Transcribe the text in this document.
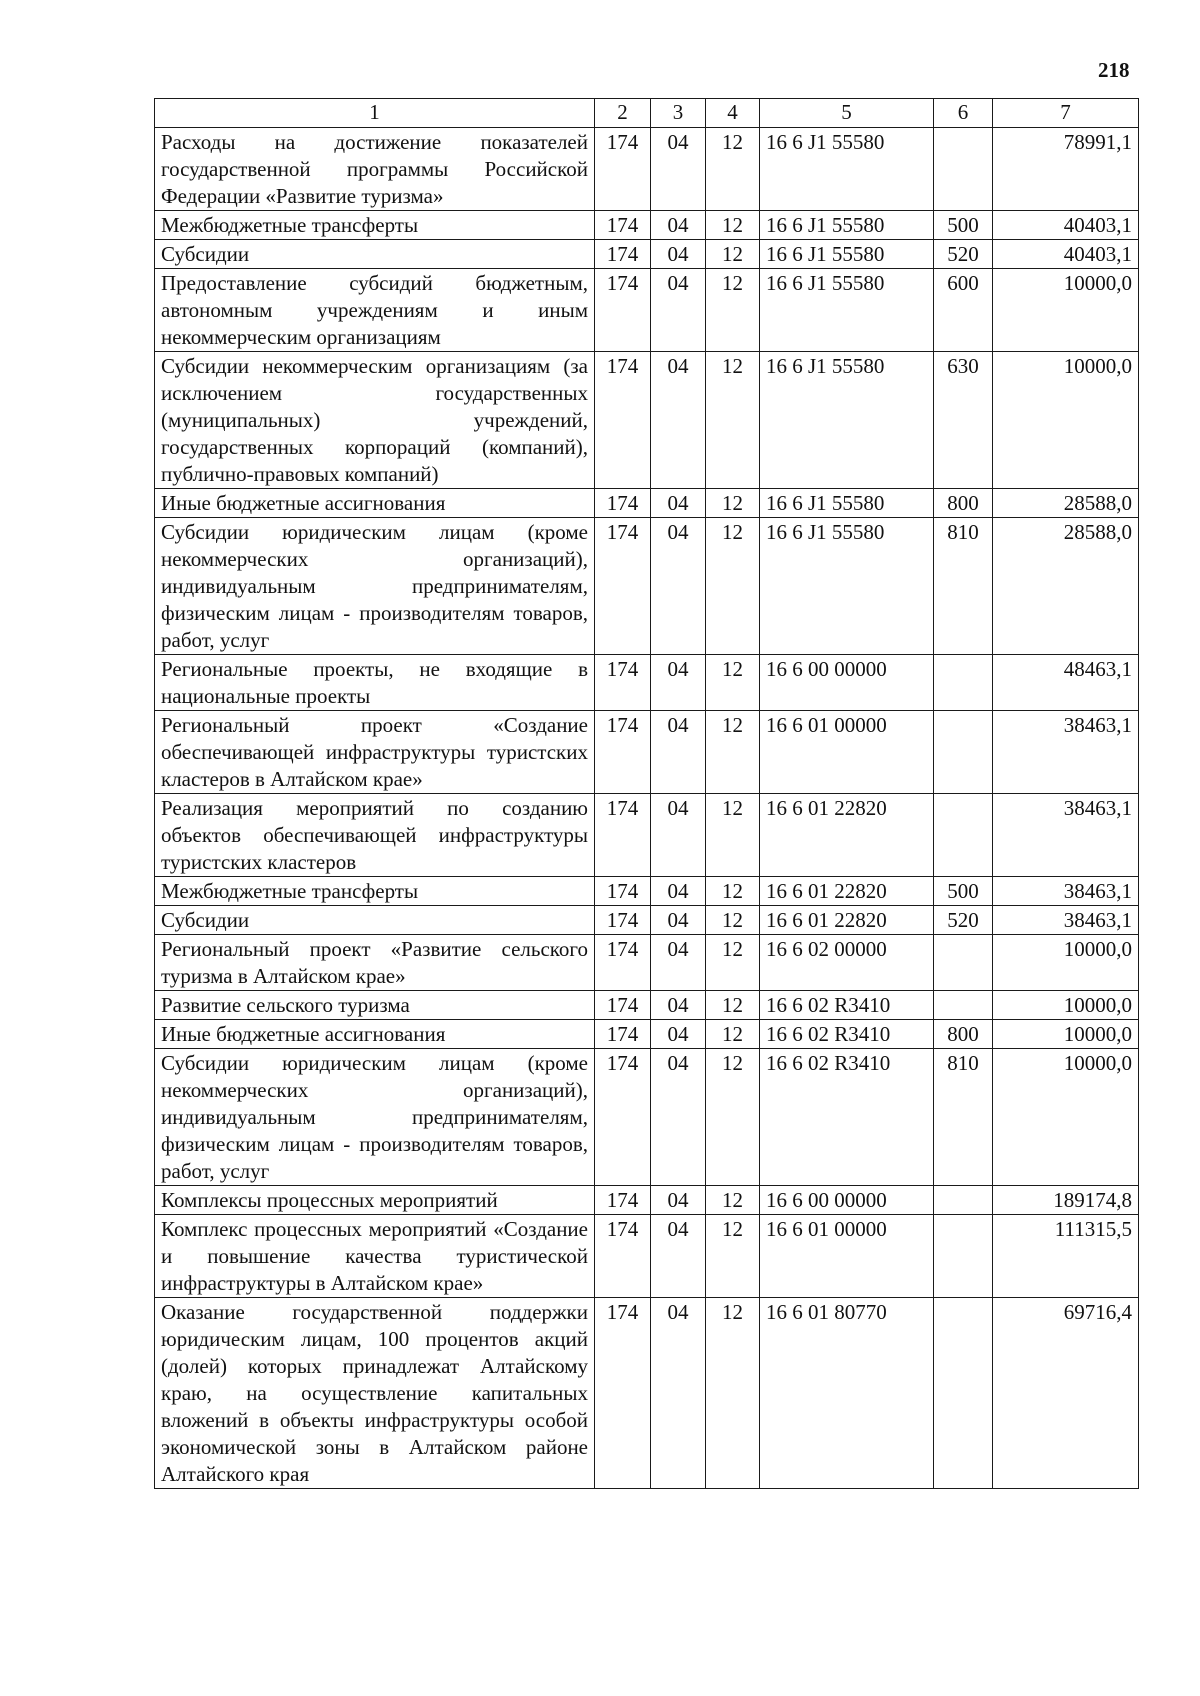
218
1	2	3	4	5	6	7
Расходы на достижение показателей государственной программы Российской Федерации «Развитие туризма»	174	04	12	16 6 J1 55580		78991,1
Межбюджетные трансферты	174	04	12	16 6 J1 55580	500	40403,1
Субсидии	174	04	12	16 6 J1 55580	520	40403,1
Предоставление субсидий бюджетным, автономным учреждениям и иным некоммерческим организациям	174	04	12	16 6 J1 55580	600	10000,0
Субсидии некоммерческим организациям (за исключением государственных (муниципальных) учреждений, государственных корпораций (компаний), публично-правовых компаний)	174	04	12	16 6 J1 55580	630	10000,0
Иные бюджетные ассигнования	174	04	12	16 6 J1 55580	800	28588,0
Субсидии юридическим лицам (кроме некоммерческих организаций), индивидуальным предпринимателям, физическим лицам - производителям товаров, работ, услуг	174	04	12	16 6 J1 55580	810	28588,0
Региональные проекты, не входящие в национальные проекты	174	04	12	16 6 00 00000		48463,1
Региональный проект «Создание обеспечивающей инфраструктуры туристских кластеров в Алтайском крае»	174	04	12	16 6 01 00000		38463,1
Реализация мероприятий по созданию объектов обеспечивающей инфраструктуры туристских кластеров	174	04	12	16 6 01 22820		38463,1
Межбюджетные трансферты	174	04	12	16 6 01 22820	500	38463,1
Субсидии	174	04	12	16 6 01 22820	520	38463,1
Региональный проект «Развитие сельского туризма в Алтайском крае»	174	04	12	16 6 02 00000		10000,0
Развитие сельского туризма	174	04	12	16 6 02 R3410		10000,0
Иные бюджетные ассигнования	174	04	12	16 6 02 R3410	800	10000,0
Субсидии юридическим лицам (кроме некоммерческих организаций), индивидуальным предпринимателям, физическим лицам - производителям товаров, работ, услуг	174	04	12	16 6 02 R3410	810	10000,0
Комплексы процессных мероприятий	174	04	12	16 6 00 00000		189174,8
Комплекс процессных мероприятий «Создание и повышение качества туристической инфраструктуры в Алтайском крае»	174	04	12	16 6 01 00000		111315,5
Оказание государственной поддержки юридическим лицам, 100 процентов акций (долей) которых принадлежат Алтайскому краю, на осуществление капитальных вложений в объекты инфраструктуры особой экономической зоны в Алтайском районе Алтайского края	174	04	12	16 6 01 80770		69716,4
